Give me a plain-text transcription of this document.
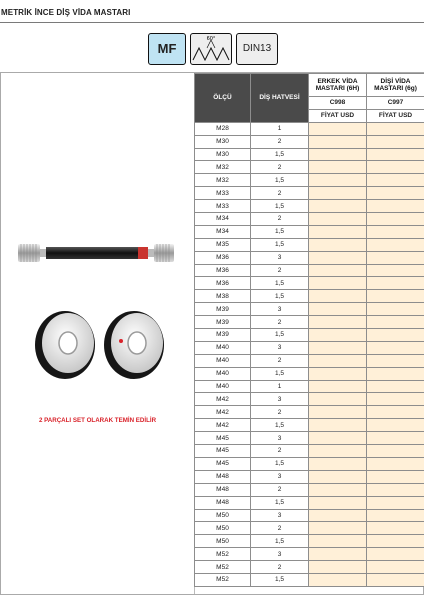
METRİK İNCE DİŞ VİDA MASTARI
MF
60°
DIN13
2 PARÇALI SET OLARAK TEMİN EDİLİR
ÖLÇÜ	DİŞ HATVESİ	ERKEK VİDA MASTARI (6H)	DİŞİ VİDA MASTARI (6g)
		C998	C997
		FİYAT USD	FİYAT USD
M28	1		
M30	2		
M30	1,5		
M32	2		
M32	1,5		
M33	2		
M33	1,5		
M34	2		
M34	1,5		
M35	1,5		
M36	3		
M36	2		
M36	1,5		
M38	1,5		
M39	3		
M39	2		
M39	1,5		
M40	3		
M40	2		
M40	1,5		
M40	1		
M42	3		
M42	2		
M42	1,5		
M45	3		
M45	2		
M45	1,5		
M48	3		
M48	2		
M48	1,5		
M50	3		
M50	2		
M50	1,5		
M52	3		
M52	2		
M52	1,5		
